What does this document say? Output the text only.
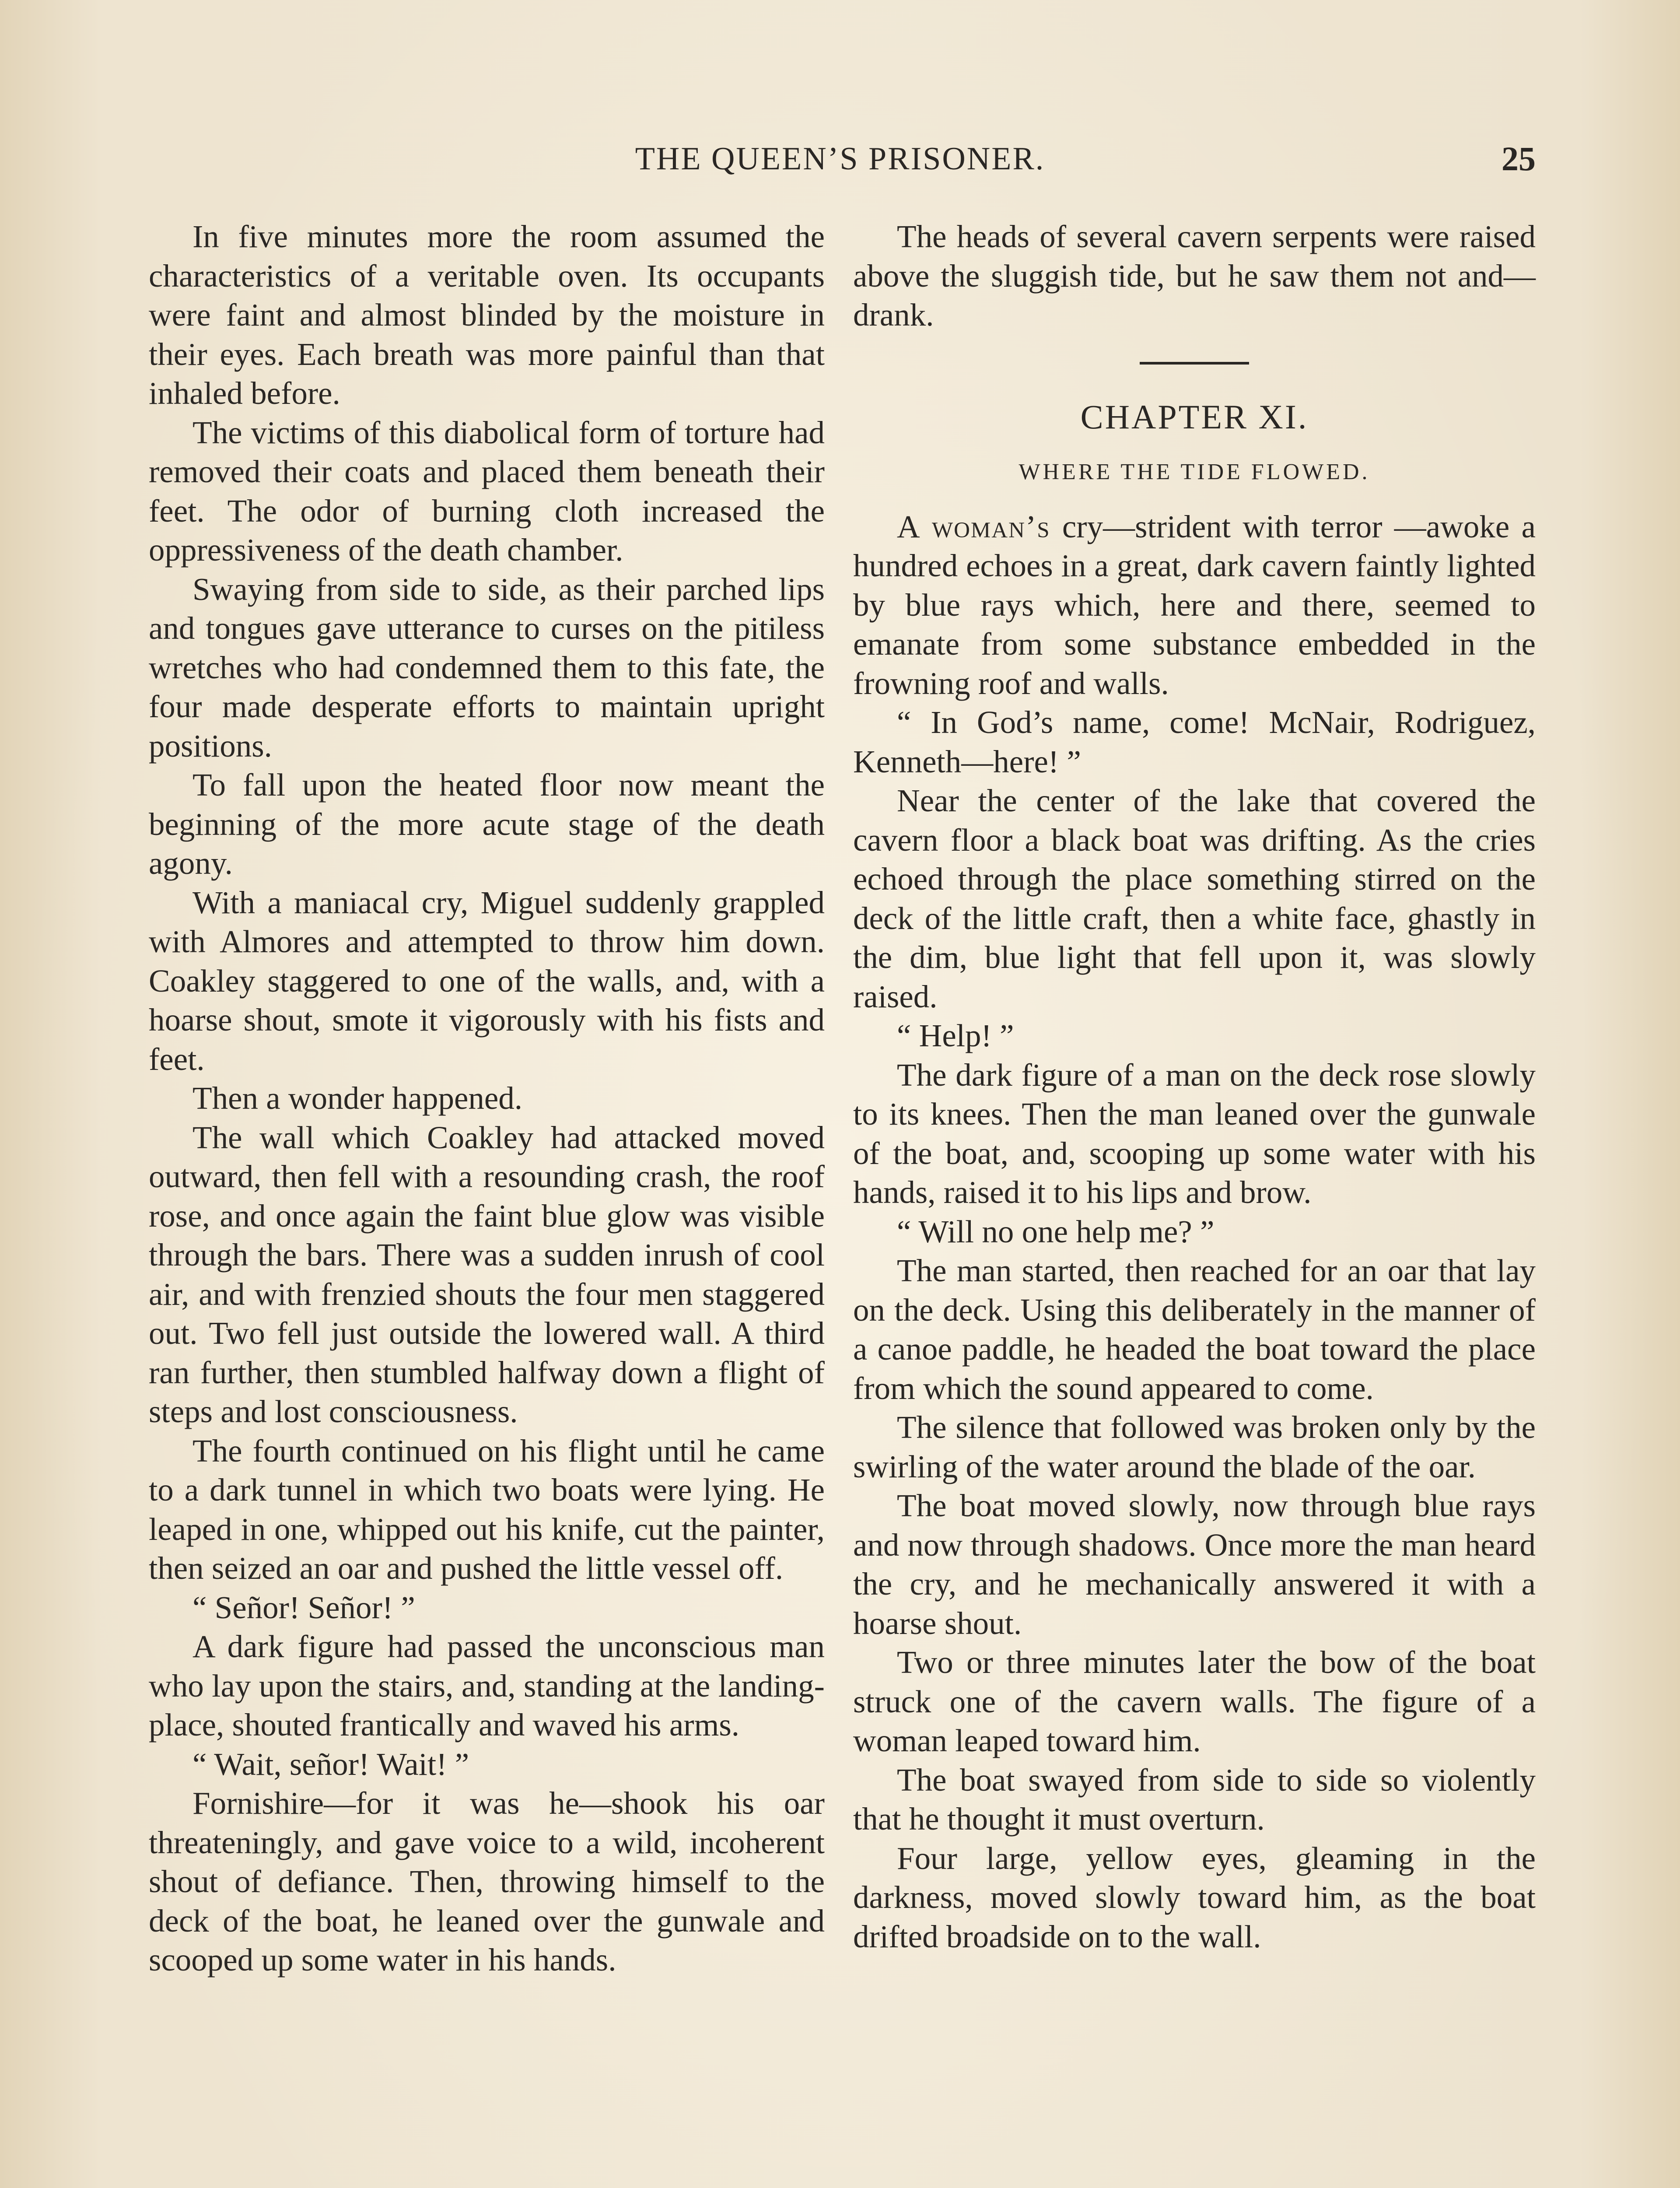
THE QUEEN’S PRISONER.	25

In five minutes more the room assumed the characteristics of a veritable oven. Its occupants were faint and almost blinded by the moisture in their eyes. Each breath was more painful than that inhaled before.

The victims of this diabolical form of torture had removed their coats and placed them beneath their feet. The odor of burning cloth increased the oppressiveness of the death chamber.

Swaying from side to side, as their parched lips and tongues gave utterance to curses on the pitiless wretches who had condemned them to this fate, the four made desperate efforts to maintain upright positions.

To fall upon the heated floor now meant the beginning of the more acute stage of the death agony.

With a maniacal cry, Miguel suddenly grappled with Almores and attempted to throw him down. Coakley staggered to one of the walls, and, with a hoarse shout, smote it vigorously with his fists and feet.

Then a wonder happened.

The wall which Coakley had attacked moved outward, then fell with a resounding crash, the roof rose, and once again the faint blue glow was visible through the bars. There was a sudden inrush of cool air, and with frenzied shouts the four men staggered out. Two fell just outside the lowered wall. A third ran further, then stumbled halfway down a flight of steps and lost consciousness.

The fourth continued on his flight until he came to a dark tunnel in which two boats were lying. He leaped in one, whipped out his knife, cut the painter, then seized an oar and pushed the little vessel off.

“ Señor! Señor! ”

A dark figure had passed the unconscious man who lay upon the stairs, and, standing at the landing-place, shouted frantically and waved his arms.

“ Wait, señor! Wait! ”

Fornishire—for it was he—shook his oar threateningly, and gave voice to a wild, incoherent shout of defiance. Then, throwing himself to the deck of the boat, he leaned over the gunwale and scooped up some water in his hands.

The heads of several cavern serpents were raised above the sluggish tide, but he saw them not and—drank.

CHAPTER XI.
WHERE THE TIDE FLOWED.

A woman’s cry—strident with terror —awoke a hundred echoes in a great, dark cavern faintly lighted by blue rays which, here and there, seemed to emanate from some substance embedded in the frowning roof and walls.

“ In God’s name, come! McNair, Rodriguez, Kenneth—here! ”

Near the center of the lake that covered the cavern floor a black boat was drifting. As the cries echoed through the place something stirred on the deck of the little craft, then a white face, ghastly in the dim, blue light that fell upon it, was slowly raised.

“ Help! ”

The dark figure of a man on the deck rose slowly to its knees. Then the man leaned over the gunwale of the boat, and, scooping up some water with his hands, raised it to his lips and brow.

“ Will no one help me? ”

The man started, then reached for an oar that lay on the deck. Using this deliberately in the manner of a canoe paddle, he headed the boat toward the place from which the sound appeared to come.

The silence that followed was broken only by the swirling of the water around the blade of the oar.

The boat moved slowly, now through blue rays and now through shadows. Once more the man heard the cry, and he mechanically answered it with a hoarse shout.

Two or three minutes later the bow of the boat struck one of the cavern walls. The figure of a woman leaped toward him.

The boat swayed from side to side so violently that he thought it must overturn.

Four large, yellow eyes, gleaming in the darkness, moved slowly toward him, as the boat drifted broadside on to the wall.
